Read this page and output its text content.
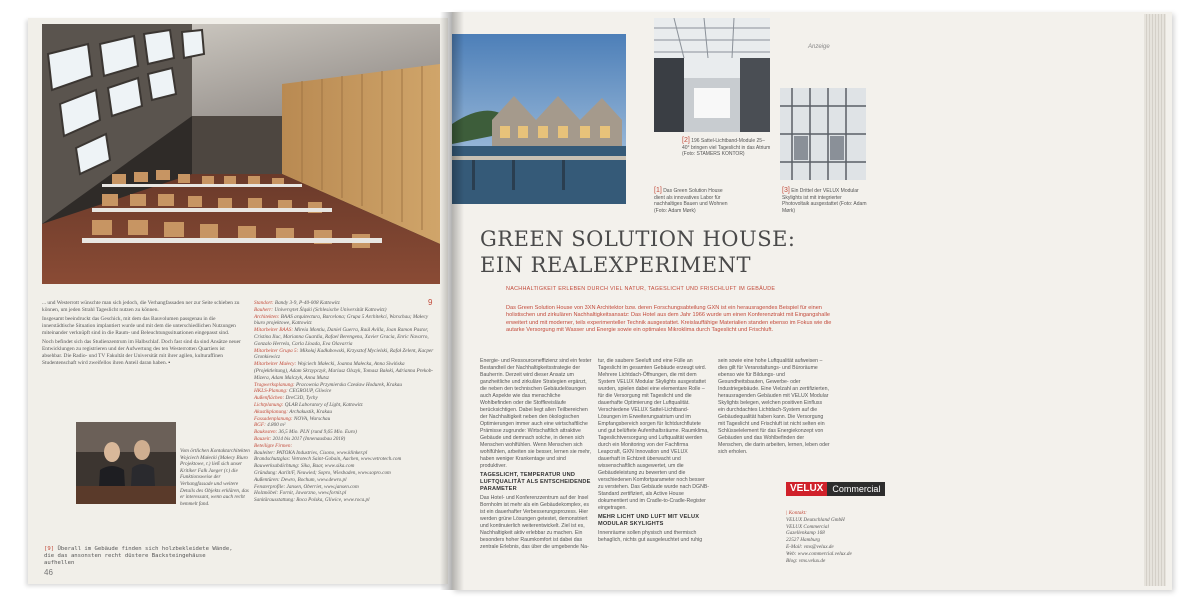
9

... und Westerrott wünschte man sich jedoch, die Verhangfassaden ner zur Seite schieben zu können, um jeden Strahl Tageslicht nutzen zu können.

Insgesamt beeindruckt das Geschick, mit dem das Bauvolumen passgenau in die innerstädtische Situation implantiert wurde und mit dem die unterschiedlichen Nutzungen miteinander verknüpft sind in die Raum- und Beleuchtungssituationen eingepasst sind.

Noch befindet sich das Studienzentrum im Halbschlaf. Doch fast sind da sind Ansätze neuer Entwicklungen zu registrieren und der Aufwertung des ten Westerrotten Quartiers ist absehbar. Die Radio- und TV Fakultät der Universität mit ihrer agilen, kulturaffinen Studentenschaft wird zweifellos ihren Anteil daran haben. ▪

Standort: Bandy 3-9, P-40-008 Kattowitz
Bauherr: Universytet Śląski (Schlesische Universität Kattowitz)
Architekten: BAAS arquitectura, Barcelona; Grupa 5 Architekci, Warschau; Małecy biuro projektowe, Kattowitz
Mitarbeiter BAAS: Mireia Montiu, Daniel Guerra, Raúl Avilla, Joan Ramon Pastor, Cristina Iluc, Marianna Guardia, Rafael Berengena, Xavier Gracia, Enric Navarro, Gonzalo Herrela, Carla Lloada, Eva Olavarria
Mitarbeiter Grupa 5: Mikołaj Kadłubowski, Krzysztof Mycielski, Rafał Zelent, Kacper Gronkiewicz
Mitarbeiter Małecy: Wojciech Małecki, Joanna Małecka, Anna Siwińska (Projektleitung), Adam Skrzypczyk, Mariusz Olszyk, Tomasz Bałoki, Adrianna Prekob-Mizera, Adam Malczyk, Anna Mutsz
Tragwerksplanung: Pracownia Przymierska Czesław Hodurek, Krakau
HKLS-Planung: CEGROUP, Gliwice
Außenflächen: DreC3D, Tychy
Lichtplanung: QLAB Laboratory of Light, Kattowitz
Akustikplanung: Archakustik, Krakau
Fassadenplanung: NOVA, Warschau
BGF: 4.800 m²
Baukosten: 36,5 Mio. PLN (rund 9,65 Mio. Euro)
Bauzeit: 2014 bis 2017 (Innenausbau 2018)
Beteiligte Firmen:
Bauleiter: PATOKA Industries, Cisono, www.klinker.pl
Brandschutzglas: Vetrotech Saint-Gobain, Aachen, www.vetrotech.com
Bauwerksabdichtung: Sika, Baar, www.sika.com
Gründung: Aarlit/F, Neuwied; Sopro, Wiesbaden, www.sopro.com
Außentüren: Dewro, Bochum, www.dewro.pl
Fensterprofile: Jansen, Oberriet, www.jansen.com
Holzmöbel: Fornit, Jaworzno, www.fornit.pl
Sanitärausstattung: Roca Polska, Gliwice, www.roca.pl
Vom örtlichen Kontaktarchitekten Wojciech Małecki (Małecy Biuro Projektowe, r.) ließ sich unser Kritiker Falk Jaeger (r.) die Funktionsweise der Verhangfassade und weitere Details des Objekts erklären, das er interessant, wenn auch recht hemmelt fand.
[9] Überall im Gebäude finden sich holzbekleidete Wände, die das ansonsten recht düstere Backsteingehäuse aufhellen
46
Anzeige
[1] Das Green Solution House dient als innovatives Labor für nachhaltiges Bauen und Wohnen (Foto: Adam Mørk)
[2] 196 Sattel-Lichtband-Module 25–40° bringen viel Tageslicht in das Atrium (Foto: STAMERS KONTOR)
[3] Ein Drittel der VELUX Modular Skylights ist mit integrierter Photovoltaik ausgestattet (Foto: Adam Mørk)
GREEN SOLUTION HOUSE:
EIN REALEXPERIMENT
NACHHALTIGKEIT ERLEBEN DURCH VIEL NATUR, TAGESLICHT UND FRISCHLUFT IM GEBÄUDE
Das Green Solution House von 3XN Architektor bzw. deren Forschungsabteilung GXN ist ein herausragendes Beispiel für einen holistischen und zirkulären Nachhaltigkeitsansatz: Das Hotel aus dem Jahr 1966 wurde um einen Konferenztrakt mit Eingangshalle erweitert und mit moderner, teils experimenteller Technik ausgestattet. Kreislauffähige Materialien standen ebenso im Fokus wie die autarke Versorgung mit Wasser und Energie sowie ein optimales Mikroklima durch Tageslicht und Frischluft.

Energie- und Ressourceneffizienz sind ein fester Bestandteil der Nachhaltigkeitsstrategie der Bauherrin. Derzeit wird dieser Ansatz um ganzheitliche und zirkuläre Strategien ergänzt, die neben den technischen Gebäudelösungen auch Aspekte wie das menschliche Wohlbefinden oder die Stoffkreisläufe berücksichtigen. Dabei liegt allen Teilbereichen der Nachhaltigkeit neben den ökologischen Optimierungen immer auch eine wirtschaftliche Prämisse zugrunde: Wirtschaftlich attraktive Gebäude und demnach solche, in denen sich Menschen wohlfühlen. Wenn Menschen sich wohlfühlen, arbeiten sie besser, lernen sie mehr, haben weniger Krankentage und sind produktiver.

TAGESLICHT, TEMPERATUR UND LUFTQUALITÄT ALS ENTSCHEIDENDE PARAMETER

Das Hotel- und Konferenzzentrum auf der Insel Bornholm ist mehr als ein Gebäudekomplex, es ist ein dauerhafter Verbesserungsprozess. Hier werden grüne Lösungen getestet, demonstriert und kontinuierlich weiterentwickelt. Ziel ist es, Nachhaltigkeit aktiv erlebbar zu machen. Ein besonders hoher Raumkomfort ist dabei das zentrale Erlebnis, das über die umgebende Na-

tur, die saubere Seeluft und eine Fülle an Tageslicht im gesamten Gebäude erzeugt wird. Mehrere Lichtdach-Öffnungen, die mit dem System VELUX Modular Skylights ausgestattet wurden, spielen dabei eine elementare Rolle – für die Versorgung mit Tageslicht und die dauerhafte Optimierung der Luftqualität. Verschiedene VELUX Sattel-Lichtband-Lösungen im Erweiterungsatrium und im Empfangsbereich sorgen für lichtdurchflutete und gut belüftete Aufenthaltsräume. Raumklima, Tageslichtversorgung und Luftqualität werden durch ein Monitoring von der Fachfirma Leapcraft, GXN Innovation und VELUX dauerhaft in Echtzeit überwacht und wissenschaftlich ausgewertet, um die Gebäudeleistung zu bewerten und die verschiedenen Komfortparameter noch besser zu verstehen. Das Gebäude wurde nach DGNB-Standard zertifiziert, als Active House dokumentiert und im Cradle-to-Cradle-Register eingetragen.

MEHR LICHT UND LUFT MIT VELUX MODULAR SKYLIGHTS

Innenräume sollen physisch und thermisch behaglich, nichts gut ausgeleuchtet und ruhig

sein sowie eine hohe Luftqualität aufweisen – dies gilt für Veranstaltungs- und Büroräume ebenso wie für Bildungs- und Gesundheitsbauten, Gewerbe- oder Industriegebäude. Eine Vielzahl an zertifizierten, herausragenden Gebäuden mit VELUX Modular Skylights belegen, welchen positiven Einfluss ein durchdachtes Lichtdach-System auf die Gebäudequalität haben kann. Die Versorgung mit Tageslicht und Frischluft ist nicht selten ein Schlüsselelement für das Energiekonzept von Gebäuden und das Wohlbefinden der Menschen, die darin arbeiten, lernen, leben oder sich erholen.

VELUX	Commercial
| Kontakt:
VELUX Deutschland GmbH
VELUX Commercial
Gazellenkamp 168
22527 Hamburg
E-Mail: vms@velux.de
Web: www.commercial.velux.de
Blog: vms.velux.de
